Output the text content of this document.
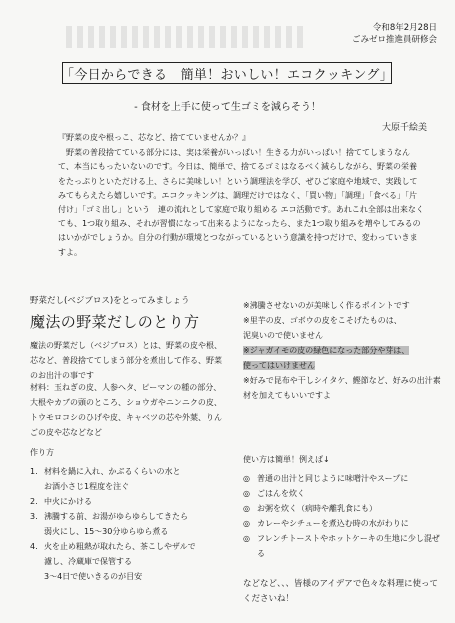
令和8年2月28日
ごみゼロ推進員研修会
「今日からできる　簡単！おいしい！エコクッキング」
- 食材を上手に使って生ゴミを減らそう！
大原千絵美

『野菜の皮や根っこ、芯など、捨てていませんか？』

　野菜の普段捨てている部分には、実は栄養がいっぱい！生きる力がいっぱい！捨ててしまうなんて、本当にもったいないのです。今日は、簡単で、捨てるゴミはなるべく減らしながら、野菜の栄養をたっぷりといただける上、さらに美味しい！という調理法を学び、ぜひご家庭や地域で、実践してみてもらえたら嬉しいです。エコクッキングは、調理だけではなく、「買い物」「調理」「食べる」「片付け」「ゴミ出し」という　連の流れとして家庭で取り組める エコ活動です。あれこれ全部は出来なくても、1つ取り組み、それが習慣になって出来るようになったら、また1つ取り組みを増やしてみるのはいかがでしょうか。自分の行動が環境とつながっているという意識を持つだけで、変わっていきますよ。

野菜だし(ベジブロス)をとってみましょう
魔法の野菜だしのとり方

魔法の野菜だし（ベジブロス）とは、野菜の皮や根、芯など、普段捨ててしまう部分を煮出して作る、野菜のお出汁の事です

材料：玉ねぎの皮、人参ヘタ、ピーマンの種の部分、大根やカブの頭のところ、ショウガやニンニクの皮、トウモロコシのひげや皮、キャベツの芯や外葉、りんごの皮や芯などなど

作り方
1. 材料を鍋に入れ、かぶるくらいの水と
お酒小さじ1程度を注ぐ
2. 中火にかける
3. 沸騰する前、お湯がゆらゆらしてきたら
弱火にし、15〜30分ゆらゆら煮る
4. 火を止め粗熱が取れたら、茶こしやザルで
濾し、冷蔵庫で保管する
3〜4日で使いきるのが目安

※沸騰させないのが美味しく作るポイントです

※里芋の皮、ゴボウの皮をこそげたものは、

泥臭いので使いません

※ジャガイモの皮の緑色になった部分や芽は、

使ってはいけません

※好みで昆布や干しシイタケ、鰹節など、好みの出汁素材を加えてもいいですよ

使い方は簡単！例えば↓
◎ 普通の出汁と同じように味噌汁やスープに
◎ ごはんを炊く
◎ お粥を炊く（病時や離乳食にも）
◎ カレーやシチューを煮込む時の水がわりに
◎ フレンチトーストやホットケーキの生地に少し混ぜる
などなど、、、皆様のアイデアで色々な料理に使ってくださいね！
